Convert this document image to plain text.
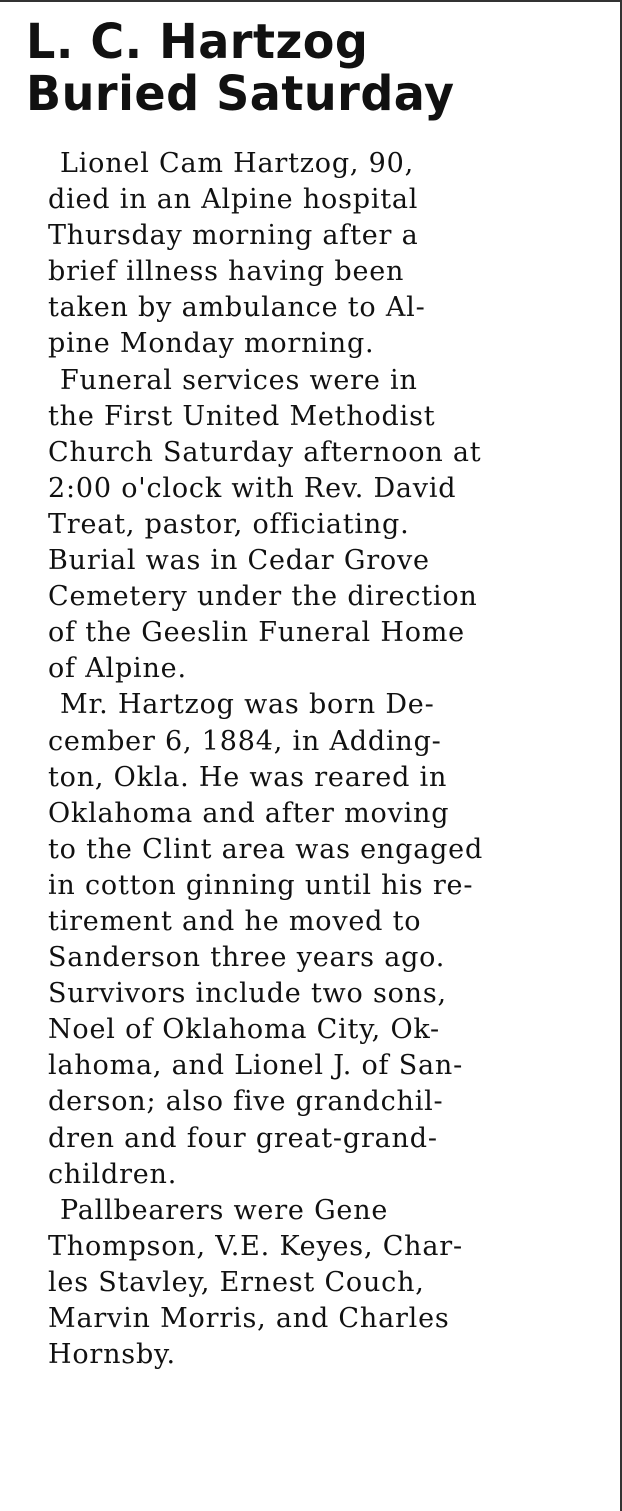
L. C. Hartzog
Buried Saturday
Lionel Cam Hartzog, 90,
died in an Alpine hospital
Thursday morning after a
brief illness having been
taken by ambulance to Al-
pine Monday morning.
Funeral services were in
the First United Methodist
Church Saturday afternoon at
2:00 o'clock with Rev. David
Treat, pastor, officiating.
Burial was in Cedar Grove
Cemetery under the direction
of the Geeslin Funeral Home
of Alpine.
Mr. Hartzog was born De-
cember 6, 1884, in Adding-
ton, Okla. He was reared in
Oklahoma and after moving
to the Clint area was engaged
in cotton ginning until his re-
tirement and he moved to
Sanderson three years ago.
Survivors include two sons,
Noel of Oklahoma City, Ok-
lahoma, and Lionel J. of San-
derson; also five grandchil-
dren and four great-grand-
children.
Pallbearers were Gene
Thompson, V.E. Keyes, Char-
les Stavley, Ernest Couch,
Marvin Morris, and Charles
Hornsby.
